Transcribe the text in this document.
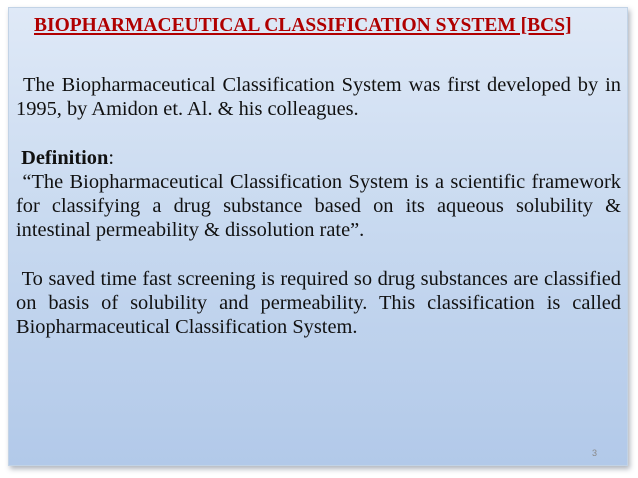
BIOPHARMACEUTICAL CLASSIFICATION SYSTEM [BCS]

The Biopharmaceutical Classification System was first developed by in 1995, by Amidon et. Al. & his colleagues.

Definition:

“The Biopharmaceutical Classification System is a scientific framework for classifying a drug substance based on its aqueous solubility & intestinal permeability & dissolution rate”.

To saved time fast screening is required so drug substances are classified on basis of solubility and permeability. This classification is called Biopharmaceutical Classification System.

3
